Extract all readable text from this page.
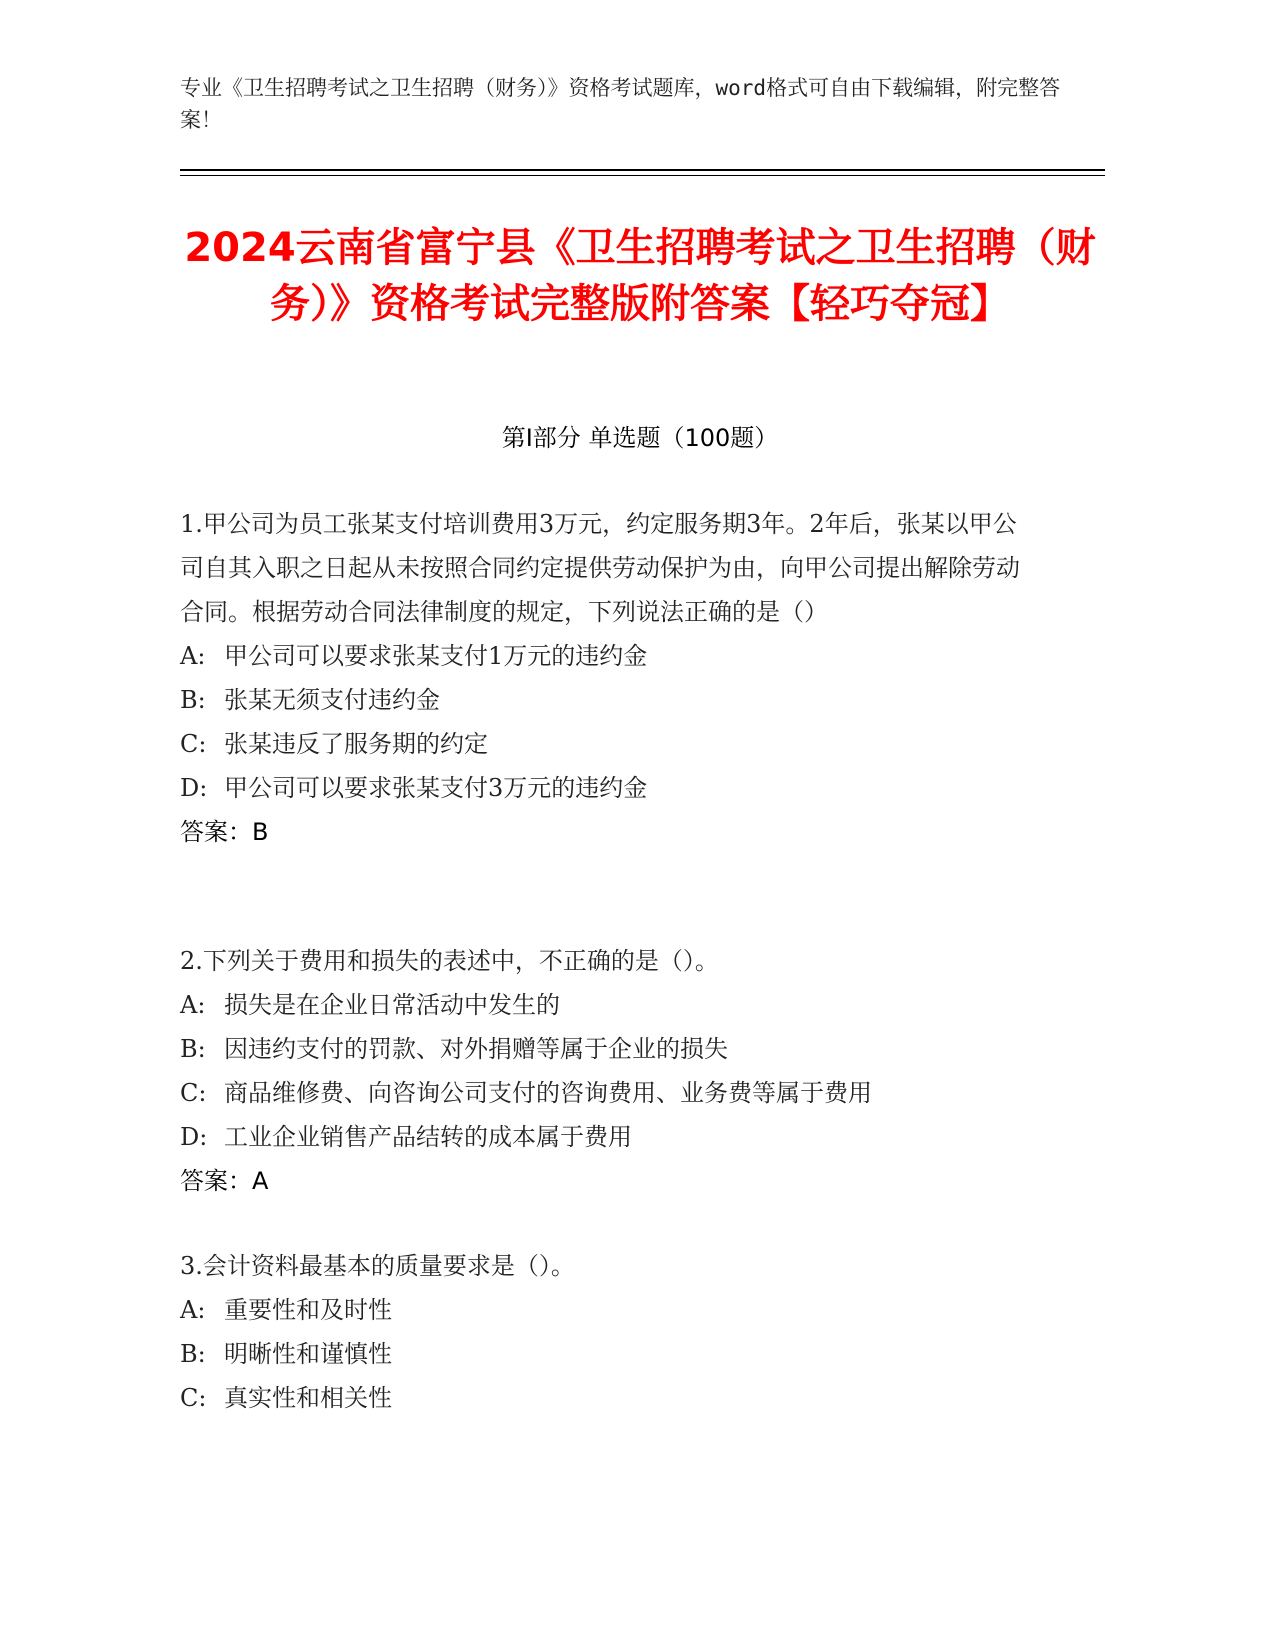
专业《卫生招聘考试之卫生招聘（财务）》资格考试题库，word格式可自由下载编辑，附完整答案！
2024云南省富宁县《卫生招聘考试之卫生招聘（财务）》资格考试完整版附答案【轻巧夺冠】
第Ⅰ部分 单选题（100题）
1.甲公司为员工张某支付培训费用3万元，约定服务期3年。2年后，张某以甲公司自其入职之日起从未按照合同约定提供劳动保护为由，向甲公司提出解除劳动合同。根据劳动合同法律制度的规定，下列说法正确的是（）
A: 甲公司可以要求张某支付1万元的违约金
B: 张某无须支付违约金
C: 张某违反了服务期的约定
D: 甲公司可以要求张某支付3万元的违约金
答案：B
2.下列关于费用和损失的表述中，不正确的是（）。
A: 损失是在企业日常活动中发生的
B: 因违约支付的罚款、对外捐赠等属于企业的损失
C: 商品维修费、向咨询公司支付的咨询费用、业务费等属于费用
D: 工业企业销售产品结转的成本属于费用
答案：A
3.会计资料最基本的质量要求是（）。
A: 重要性和及时性
B: 明晰性和谨慎性
C: 真实性和相关性
